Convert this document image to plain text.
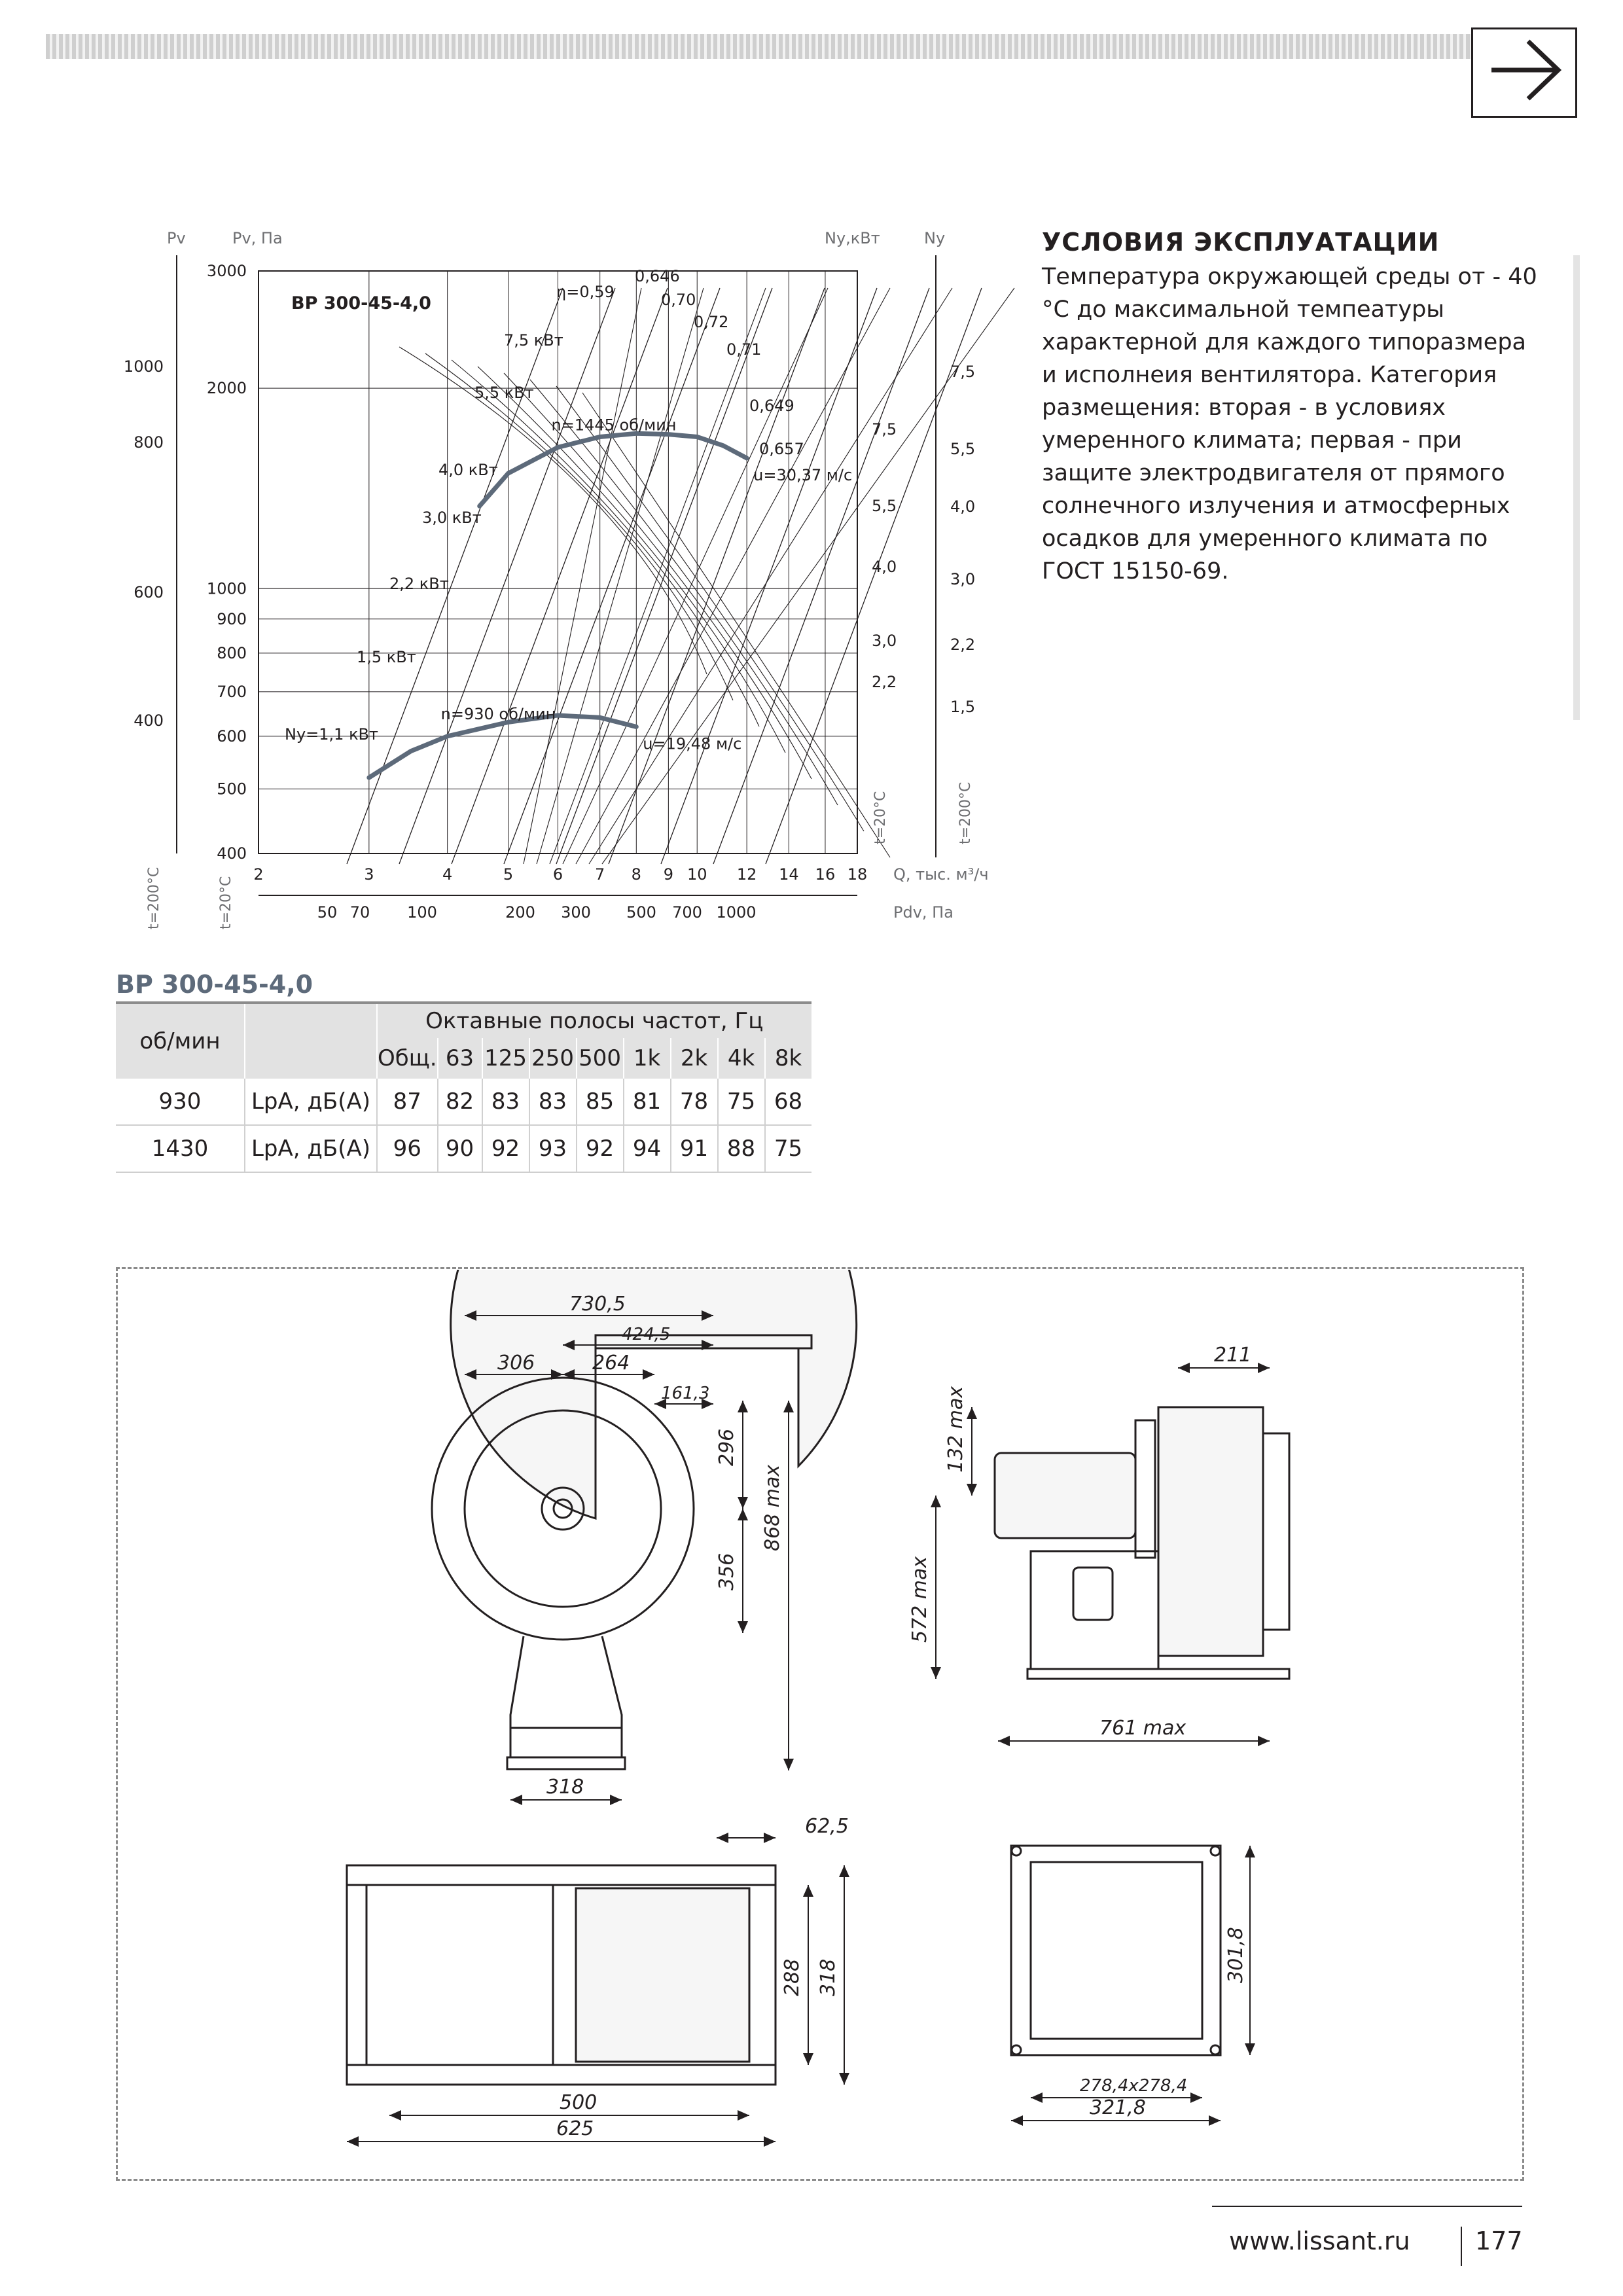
2	3	4	5	6 7 8 9 10 12 14 16 18
3000
2000
1000
900
800
700
600
500
400
50 70 100	200 300 500 700 1000
1000
800
600
400
7,5
5,5
4,0
3,0
2,2
7,5
5,5
4,0
3,0
2,2
1,5
Pv	Pv, Па	Nу,кВт	Nу
Q, тыс. м³/ч
Pdv, Па
t=200°C	t=20°C
t=20°C	t=200°C
n=1445 об/мин
u=30,37 м/с
n=930 об/мин
u=19,48 м/с
η=0,59
0,646
0,70
0,72
0,71
0,649
0,657
7,5 кВт
5,5 кВт
4,0 кВт
3,0 кВт
2,2 кВт
1,5 кВт
Nу=1,1 кВт
ВР 300-45-4,0
УСЛОВИЯ ЭКСПЛУАТАЦИИ

Температура окружающей среды от - 40 °С до максимальной темпеатуры характерной для каждого типоразмера и исполнеия вентилятора. Категория размещения: вторая - в условиях умеренного климата; первая - при защите электродвигателя от прямого солнечного излучения и атмосферных осадков для умеренного климата по ГОСТ 15150-69.

ВР 300-45-4,0
об/мин		Октавные полосы частот, Гц								
		Общ.	63	125	250	500	1k	2k	4k	8k
930	LpA, дБ(А)	87	82	83	83	85	81	78	75	68
1430	LpA, дБ(А)	96	90	92	93	92	94	91	88	75
730,5
424,5
306	264
161,3
296
868 max
356
318
211
132 max
572 max
761 max
62,5
288 318
500
625
301,8
278,4x278,4
321,8
www.lissant.ru	177
